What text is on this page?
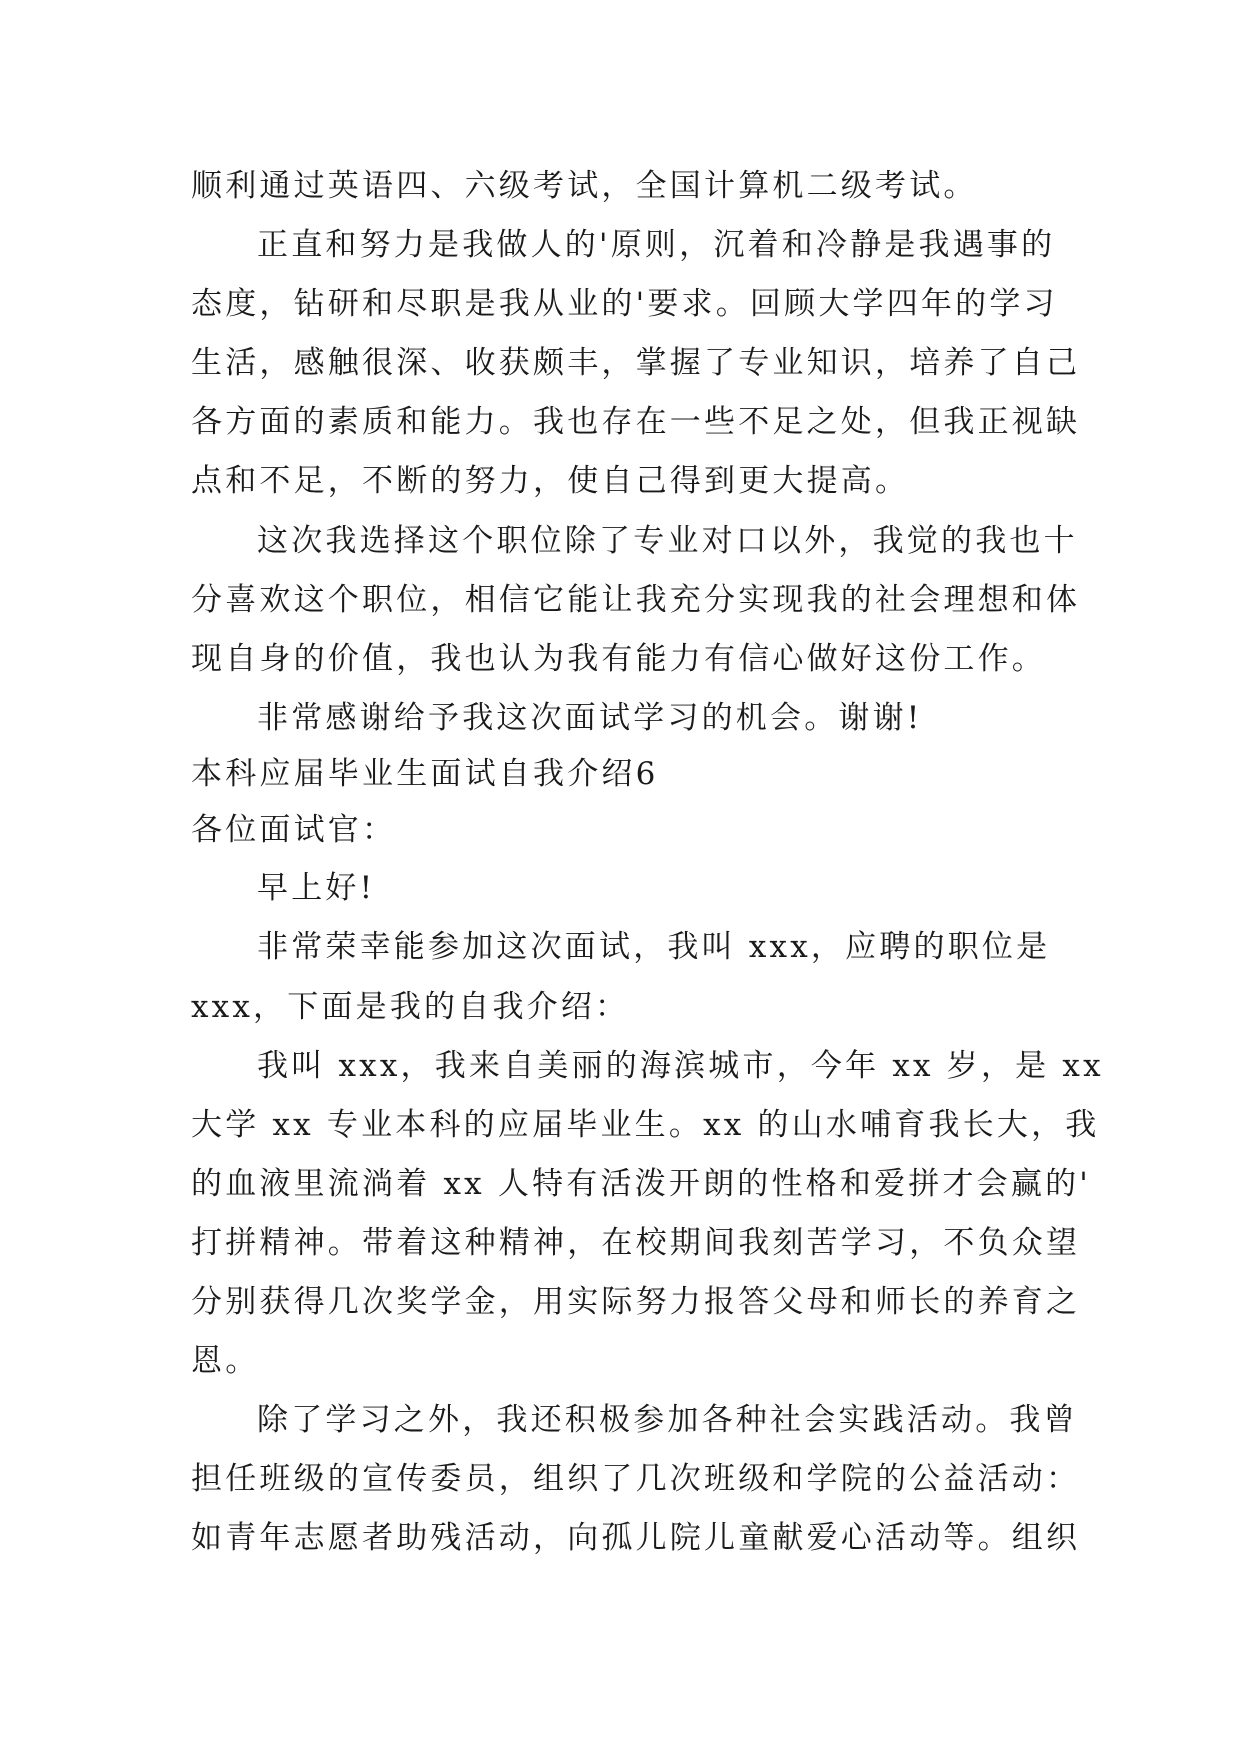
顺利通过英语四、六级考试，全国计算机二级考试。
正直和努力是我做人的'原则，沉着和冷静是我遇事的
态度，钻研和尽职是我从业的'要求。回顾大学四年的学习
生活，感触很深、收获颇丰，掌握了专业知识，培养了自己
各方面的素质和能力。我也存在一些不足之处，但我正视缺
点和不足，不断的努力，使自己得到更大提高。
这次我选择这个职位除了专业对口以外，我觉的我也十
分喜欢这个职位，相信它能让我充分实现我的社会理想和体
现自身的价值，我也认为我有能力有信心做好这份工作。
非常感谢给予我这次面试学习的机会。谢谢!
本科应届毕业生面试自我介绍6
各位面试官：
早上好!
非常荣幸能参加这次面试，我叫 xxx，应聘的职位是
xxx，下面是我的自我介绍：
我叫 xxx，我来自美丽的海滨城市，今年 xx 岁，是 xx
大学 xx 专业本科的应届毕业生。xx 的山水哺育我长大，我
的血液里流淌着 xx 人特有活泼开朗的性格和爱拼才会赢的'
打拼精神。带着这种精神，在校期间我刻苦学习，不负众望
分别获得几次奖学金，用实际努力报答父母和师长的养育之
恩。
除了学习之外，我还积极参加各种社会实践活动。我曾
担任班级的宣传委员，组织了几次班级和学院的公益活动：
如青年志愿者助残活动，向孤儿院儿童献爱心活动等。组织
